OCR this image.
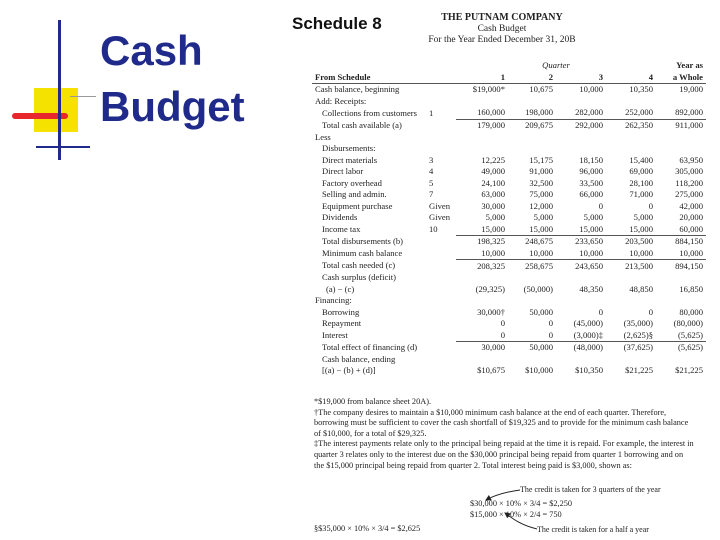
Cash
Budget
Schedule 8	THE PUTNAM COMPANY
Cash Budget
For the Year Ended December 31, 20B
		Quarter				Year as
From Schedule		1	2	3	4	a Whole
Cash balance, beginning		$19,000*	10,675	10,000	10,350	19,000
Add: Receipts:						
Collections from customers	1	160,000	198,000	282,000	252,000	892,000
Total cash available (a)		179,000	209,675	292,000	262,350	911,000
Less						
Disbursements:						
Direct materials	3	12,225	15,175	18,150	15,400	63,950
Direct labor	4	49,000	91,000	96,000	69,000	305,000
Factory overhead	5	24,100	32,500	33,500	28,100	118,200
Selling and admin.	7	63,000	75,000	66,000	71,000	275,000
Equipment purchase	Given	30,000	12,000	0	0	42,000
Dividends	Given	5,000	5,000	5,000	5,000	20,000
Income tax	10	15,000	15,000	15,000	15,000	60,000
Total disbursements (b)		198,325	248,675	233,650	203,500	884,150
Minimum cash balance		10,000	10,000	10,000	10,000	10,000
Total cash needed (c)		208,325	258,675	243,650	213,500	894,150
Cash surplus (deficit)						
(a) − (c)		(29,325)	(50,000)	48,350	48,850	16,850
Financing:						
Borrowing		30,000†	50,000	0	0	80,000
Repayment		0	0	(45,000)	(35,000)	(80,000)
Interest		0	0	(3,000)‡	(2,625)§	(5,625)
Total effect of financing (d)		30,000	50,000	(48,000)	(37,625)	(5,625)
Cash balance, ending						
[(a) − (b) + (d)]		$10,675	$10,000	$10,350	$21,225	$21,225

*$19,000 from balance sheet 20A).

†The company desires to maintain a $10,000 minimum cash balance at the end of each quarter. Therefore, borrowing must be sufficient to cover the cash shortfall of $19,325 and to provide for the minimum cash balance of $10,000, for a total of $29,325.

‡The interest payments relate only to the principal being repaid at the time it is repaid. For example, the interest in quarter 3 relates only to the interest due on the $30,000 principal being repaid from quarter 1 borrowing and on the $15,000 principal being repaid from quarter 2. Total interest being paid is $3,000, shown as:

$30,000 × 10% × 3/4 = $2,250
$15,000 × 10% × 2/4 = 750
§$35,000 × 10% × 3/4 = $2,625
The credit is taken for 3 quarters of the year
The credit is taken for a half a year
